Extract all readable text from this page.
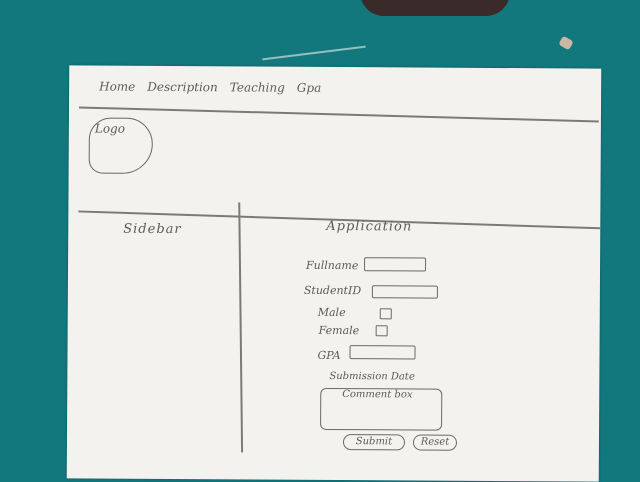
Home Description Teaching Gpa
Logo
Sidebar	Application
Fullname
StudentID
Male
Female
GPA
Submission Date
Comment box
Submit	Reset
